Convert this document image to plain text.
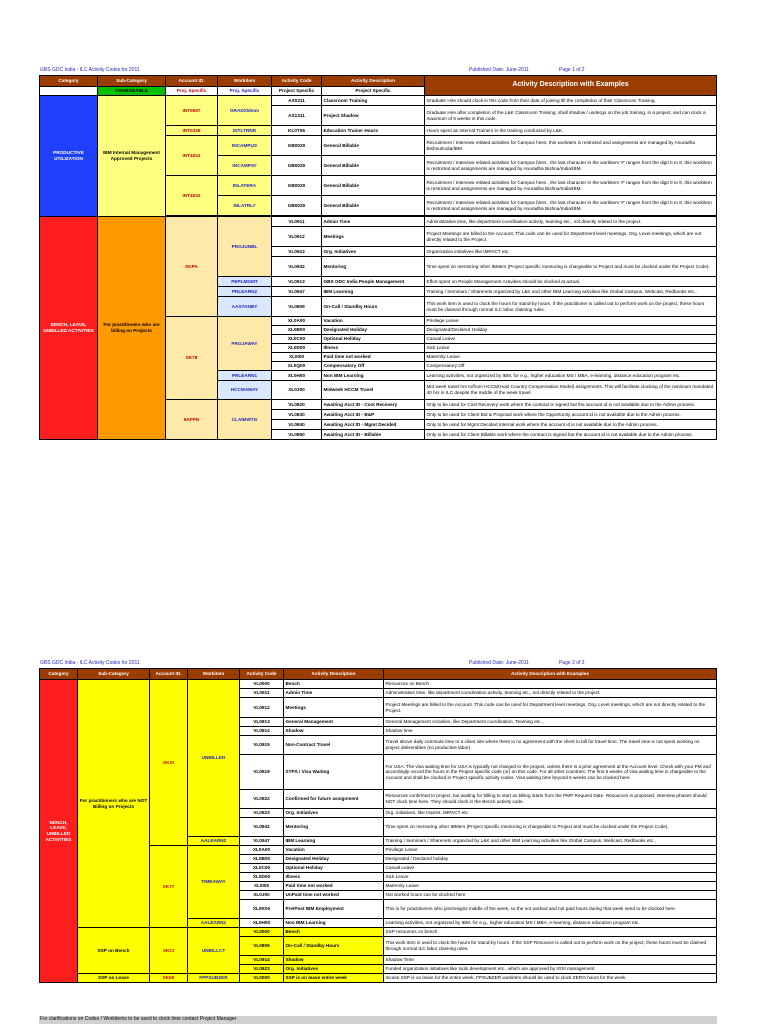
GBS GDC India - ILC Activity Codes for 2011	Published Date: June-2011	Page 1 of 2
Category	Sub-Category	Account ID.	Workitem	Activity Code	Activity Description	Activity Description with Examples
	CHARGEABLE	Proj. Specific	Proj. Specific	Project Specific	Project Specific	
PRODUCTIVE UTILIZATION	IBM Internal Management Approved Projects	INT0687	GRAD/ddmm	AS0311	Classroom Training	Graduate Hire should clock in this code from their date of joining till the completion of their Classroom Training.
				AS1311	Project Shadow	Graduate Hire after completion of the L&K Classroom Training, shall shadow / undergo on the job training, in a project, and can clock a maximum of 6 weeks in this code.
		INT0336	INTLTRNR	KL0T06	Education Trainer Hours	Hours spent as Internal Trainers in the training conducted by L&K.
		INT4041	INCAMPUS	GB0020	General Billable	Recruitment / Interview related activities for Campus hires, this workitem is restricted and assignments are managed by Anuradha Bishnu/India/IBM.
			INCAMPS#	GB0020	General Billable	Recruitment / Interview related activities for Campus hires , the last character in the workitem '#' ranges from the digit 0 to 9, this workitem is restricted and assignments are managed by Anuradha Bishnu/India/IBM.
		INT4042	INLATERA	GB0020	General Billable	Recruitment / Interview related activities for Campus hires , the last character in the workitem '#' ranges from the digit 0 to 9, this workitem is restricted and assignments are managed by Anuradha Bishnu/India/IBM.
			INLATRL#	GB0020	General Billable	Recruitment / Interview related activities for Campus hires , the last character in the workitem '#' ranges from the digit 0 to 9, this workitem is restricted and assignments are managed by Anuradha Bishnu/India/IBM.

BENCH, LEAVE, UNBILLED ACTIVITIES	For practitioners who are billing on Projects	SKPA	PROJUNBL	VL0911	Admin Time	Administrative time, like department coordination activity, teaming etc., not directly related to the project.
				VL0912	Meetings	Project Meetings are billed to the Account. This code can be used for Department level meetings, Org. Level meetings, which are not directly related to the Project.
				VL0923	Org. Initiatives	Organization initiatives like IMPACT etc.
				VL0942	Mentoring	Time spent on mentoring other IBMers (Project specific mentoring is chargeable to Project and must be clocked under the Project Code).
			PEPLMGMT	VL0913	GBS GDC India People Management	Effort spent on People Management Activities should be clocked at actual.
			PRLEARN2	VL0947	IBM Learning	Training / Seminars / Sharenets organized by L&K and other IBM Learning activities like Global Campus, Webcast, Redbooks etc.,
			AASTANBY	VL0809	On-Call / Standby Hours	This work item is used to clock the hours for stand-by hours. If the practitioner is called out to perform work on the project, these hours must be claimed through normal ILC labor claiming rules.
		SK78	PROJAWAY	XL0A00	Vacation	Privilege Leave
				XL0B00	Designated Holiday	Designated/Declared Holiday
				XL0C00	Optional Holiday	Casual Leave
				XL0D00	Illness	Sick Leave
				XL0I00	Paid time not worked	Maternity Leave
				XL0Q00	Compensatory Off	Compensatory Off
			PRLEARN1	XL0H00	Non IBM Learning	Learning activities, not organized by IBM, for e.g., higher education MS / MBA, e-learning, distance education program etc.
			HCCMAWAY	XL0J00	Midweek HCCM Travel	Mid week travel hrs to/from HCCM(Host Country Compensation Model) assignments. This will facilitate clocking of the minimum mandated 40 hrs in ILC despite the middle of the week travel.
		9AFPN	CLAIMWTG	VL0820	Awaiting Acct ID - Cost Recovery	Only to be used for Cost Recovery work where the contract is signed but the account id is not available due to the Admin process.
				VL0830	Awaiting Acct ID - B&P	Only to be used for Client Bid & Proposal work where the Opportunity account id is not available due to the Admin process.
				VL0840	Awaiting Acct ID - Mgmt Decided	Only to be used for Mgmt Decided internal work where the account id is not available due to the Admin process.
				VL0850	Awaiting Acct ID - Billable	Only to be used for Client Billable work where the contract is signed but the account id is not available due to the Admin process.
GBS GDC India - ILC Activity Codes for 2011	Published Date: June-2011	Page 2 of 2
Category	Sub-Category	Account ID.	Workitem	Activity Code	Activity Description	Activity Description with Examples
BENCH, LEAVE, UNBILLED ACTIVITIES	For practitioners who are NOT Billing on Projects	SKSI	UNBILLED	VL0000	Bench	Resources on Bench
				VL0911	Admin Time	Administrative time, like department coordination activity, teaming etc., not directly related to the project.
				VL0912	Meetings	Project Meetings are billed to the Account. This code can be used for Department level meetings, Org. Level meetings, which are not directly related to the Project.
				VL0913	General Management	General Management Activities, like Department coordination, Teaming etc.,
				VL0914	Shadow	Shadow time
				VL0915	Non-Contract Travel	Travel above daily commute time to a client site where there is no agreement with the client to bill for travel time. The travel time is not spent working on project deliverables (no productive labor).
				VL0919	STPS / Visa Waiting	For USA: The visa waiting time for USA is typically not charged to the project, unless there is a prior agreement at the Account level. Check with your PM and accordingly record the hours in the Project specific code (or) on this code. For all other countries: The first 6 weeks of visa waiting time is chargeable to the Account and shall be clocked in Project specific activity codes. Visa waiting time beyond 6 weeks can be clocked here.
				VL0922	Confirmed for future assignment	Resources confirmed to project, but waiting for billing to start as billing starts from the PMP Request Date. Resources in proposed, interview phases should NOT clock time here. They should clock in the Bench activity code.
				VL0923	Org. Initiatives	Org. initiatives, like Imprint, IMPACT etc
				VL0942	Mentoring	Time spent on mentoring other IBMers (Project specific mentoring is chargeable to Project and must be clocked under the Project Code).
			AALEARN2	VL0947	IBM Learning	Training / Seminars / Sharenets organized by L&K and other IBM Learning activities like Global Campus, Webcast, Redbooks etc.,
		SK77	TIMEAWAY	XL0A00	Vacation	Privilege Leave
				XL0B00	Designated Holiday	Designated / Declared holiday
				XL0C00	Optional Holiday	Casual Leave
				XL0D00	Illness	Sick Leave
				XL0I00	Paid time not worked	Maternity Leave
				XL0J00	UnPaid time not worked	Not worked hours can be clocked here
				XL0K00	Pre/Post IBM Employment	This is for practitioners who join/resigns middle of the week, so the not worked and not paid hours during that week need to be clocked here.
			AALEARN1	XL0H00	Non IBM Learning	Learning activities, not organized by IBM, for e.g., higher education MS / MBA, e-learning, distance education program etc.
	SSP on Bench	SKCI	UNBILLCT	VL0000	Bench	SSP resources on bench
				VL0809	On-Call / Standby Hours	This work item is used to clock the hours for stand-by hours. If the SSP Resource is called out to perform work on the project, these hours must be claimed through normal ILC labor claiming rules.
				VL0914	Shadow	Shadow Time
				VL0923	Org. Initiatives	Funded organization initiatives like tools development etc., which are approved by IGSI management
	SSP on Leave	SK60	FPPSUBZER	VL0000	SSP is on leave entire week	Incase SSP is on leave for the entire week, FPSUBZER workitem should be used to clock ZERO hours for the week
For clarifications on Codes / Workitems to be used to clock time contact Project Manager
